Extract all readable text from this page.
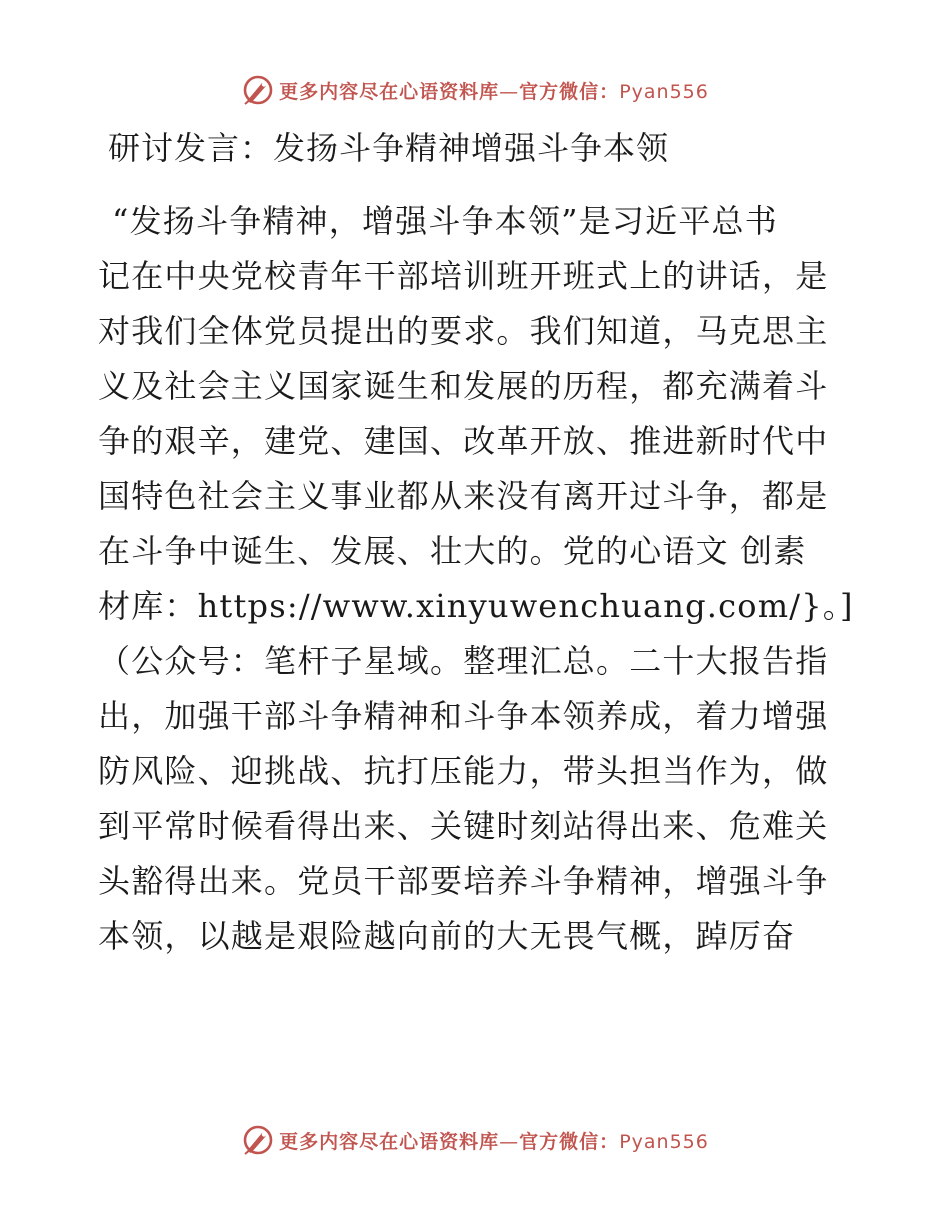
更多内容尽在心语资料库—官方微信：Pyan556
研讨发言：发扬斗争精神增强斗争本领
“发扬斗争精神，增强斗争本领”是习近平总书
记在中央党校青年干部培训班开班式上的讲话，是
对我们全体党员提出的要求。我们知道，马克思主
义及社会主义国家诞生和发展的历程，都充满着斗
争的艰辛，建党、建国、改革开放、推进新时代中
国特色社会主义事业都从来没有离开过斗争，都是
在斗争中诞生、发展、壮大的。党的心语文 创素
材库：https://www.xinyuwenchuang.com/}。]
（公众号：笔杆子星域。整理汇总。二十大报告指
出，加强干部斗争精神和斗争本领养成，着力增强
防风险、迎挑战、抗打压能力，带头担当作为，做
到平常时候看得出来、关键时刻站得出来、危难关
头豁得出来。党员干部要培养斗争精神，增强斗争
本领，以越是艰险越向前的大无畏气概，踔厉奋
更多内容尽在心语资料库—官方微信：Pyan556
